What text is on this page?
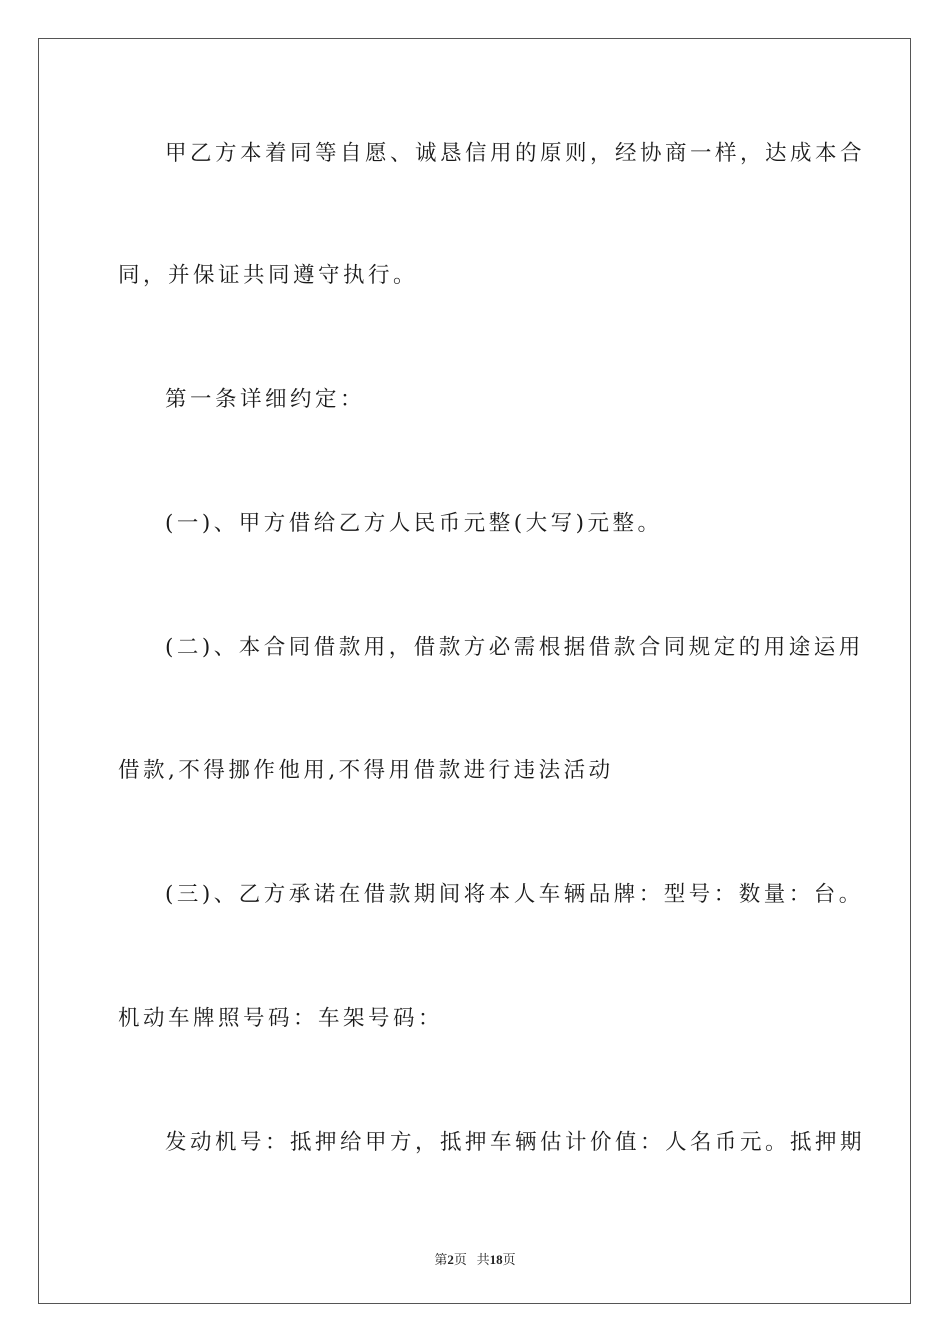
甲乙方本着同等自愿、诚恳信用的原则，经协商一样，达成本合
同，并保证共同遵守执行。
第一条详细约定：
(一)、甲方借给乙方人民币元整(大写)元整。
(二)、本合同借款用，借款方必需根据借款合同规定的用途运用
借款,不得挪作他用,不得用借款进行违法活动
(三)、乙方承诺在借款期间将本人车辆品牌：型号：数量：台。
机动车牌照号码：车架号码：
发动机号：抵押给甲方，抵押车辆估计价值：人名币元。抵押期
第2页 共18页
